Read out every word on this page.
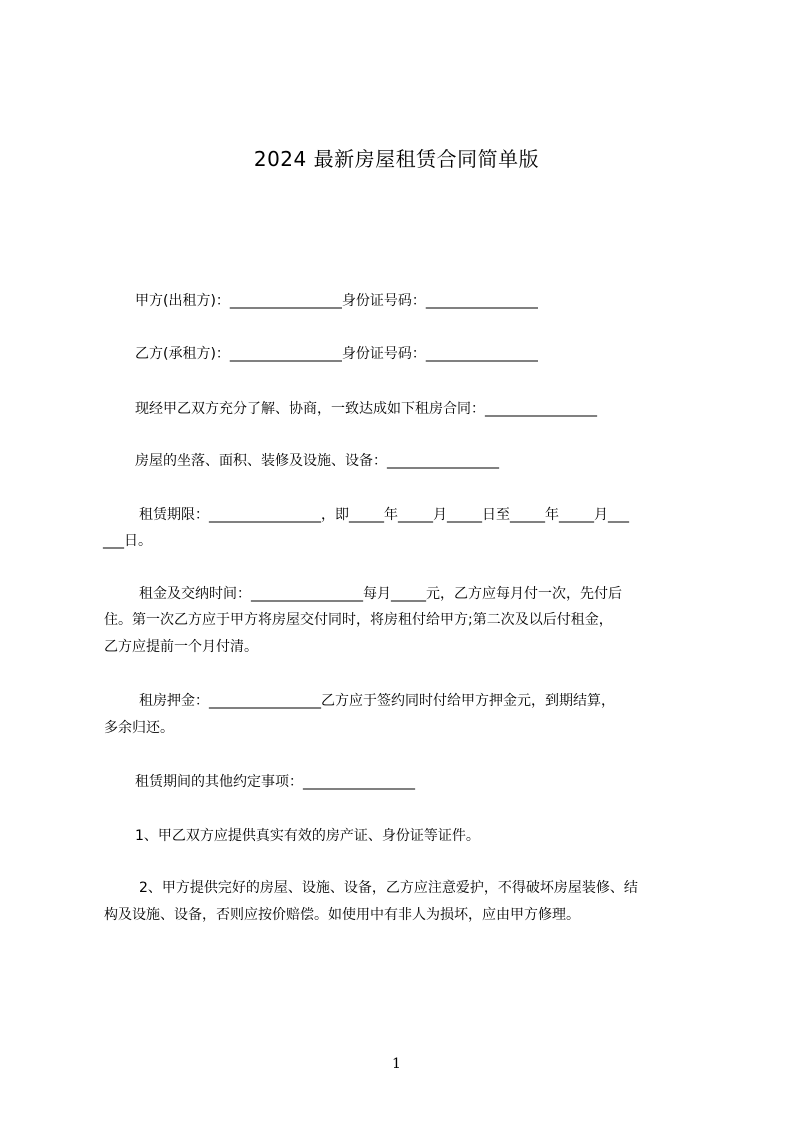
2024 最新房屋租赁合同简单版
甲方(出租方)：________________身份证号码：________________
乙方(承租方)：________________身份证号码：________________
现经甲乙双方充分了解、协商，一致达成如下租房合同：________________
房屋的坐落、面积、装修及设施、设备：________________
租赁期限：________________，即_____年_____月_____日至_____年_____月___
___日。
租金及交纳时间：________________每月_____元，乙方应每月付一次，先付后
住。第一次乙方应于甲方将房屋交付同时，将房租付给甲方;第二次及以后付租金，
乙方应提前一个月付清。
租房押金：________________乙方应于签约同时付给甲方押金元，到期结算，
多余归还。
租赁期间的其他约定事项：________________
1、甲乙双方应提供真实有效的房产证、身份证等证件。
2、甲方提供完好的房屋、设施、设备，乙方应注意爱护，不得破坏房屋装修、结
构及设施、设备，否则应按价赔偿。如使用中有非人为损坏，应由甲方修理。
1
